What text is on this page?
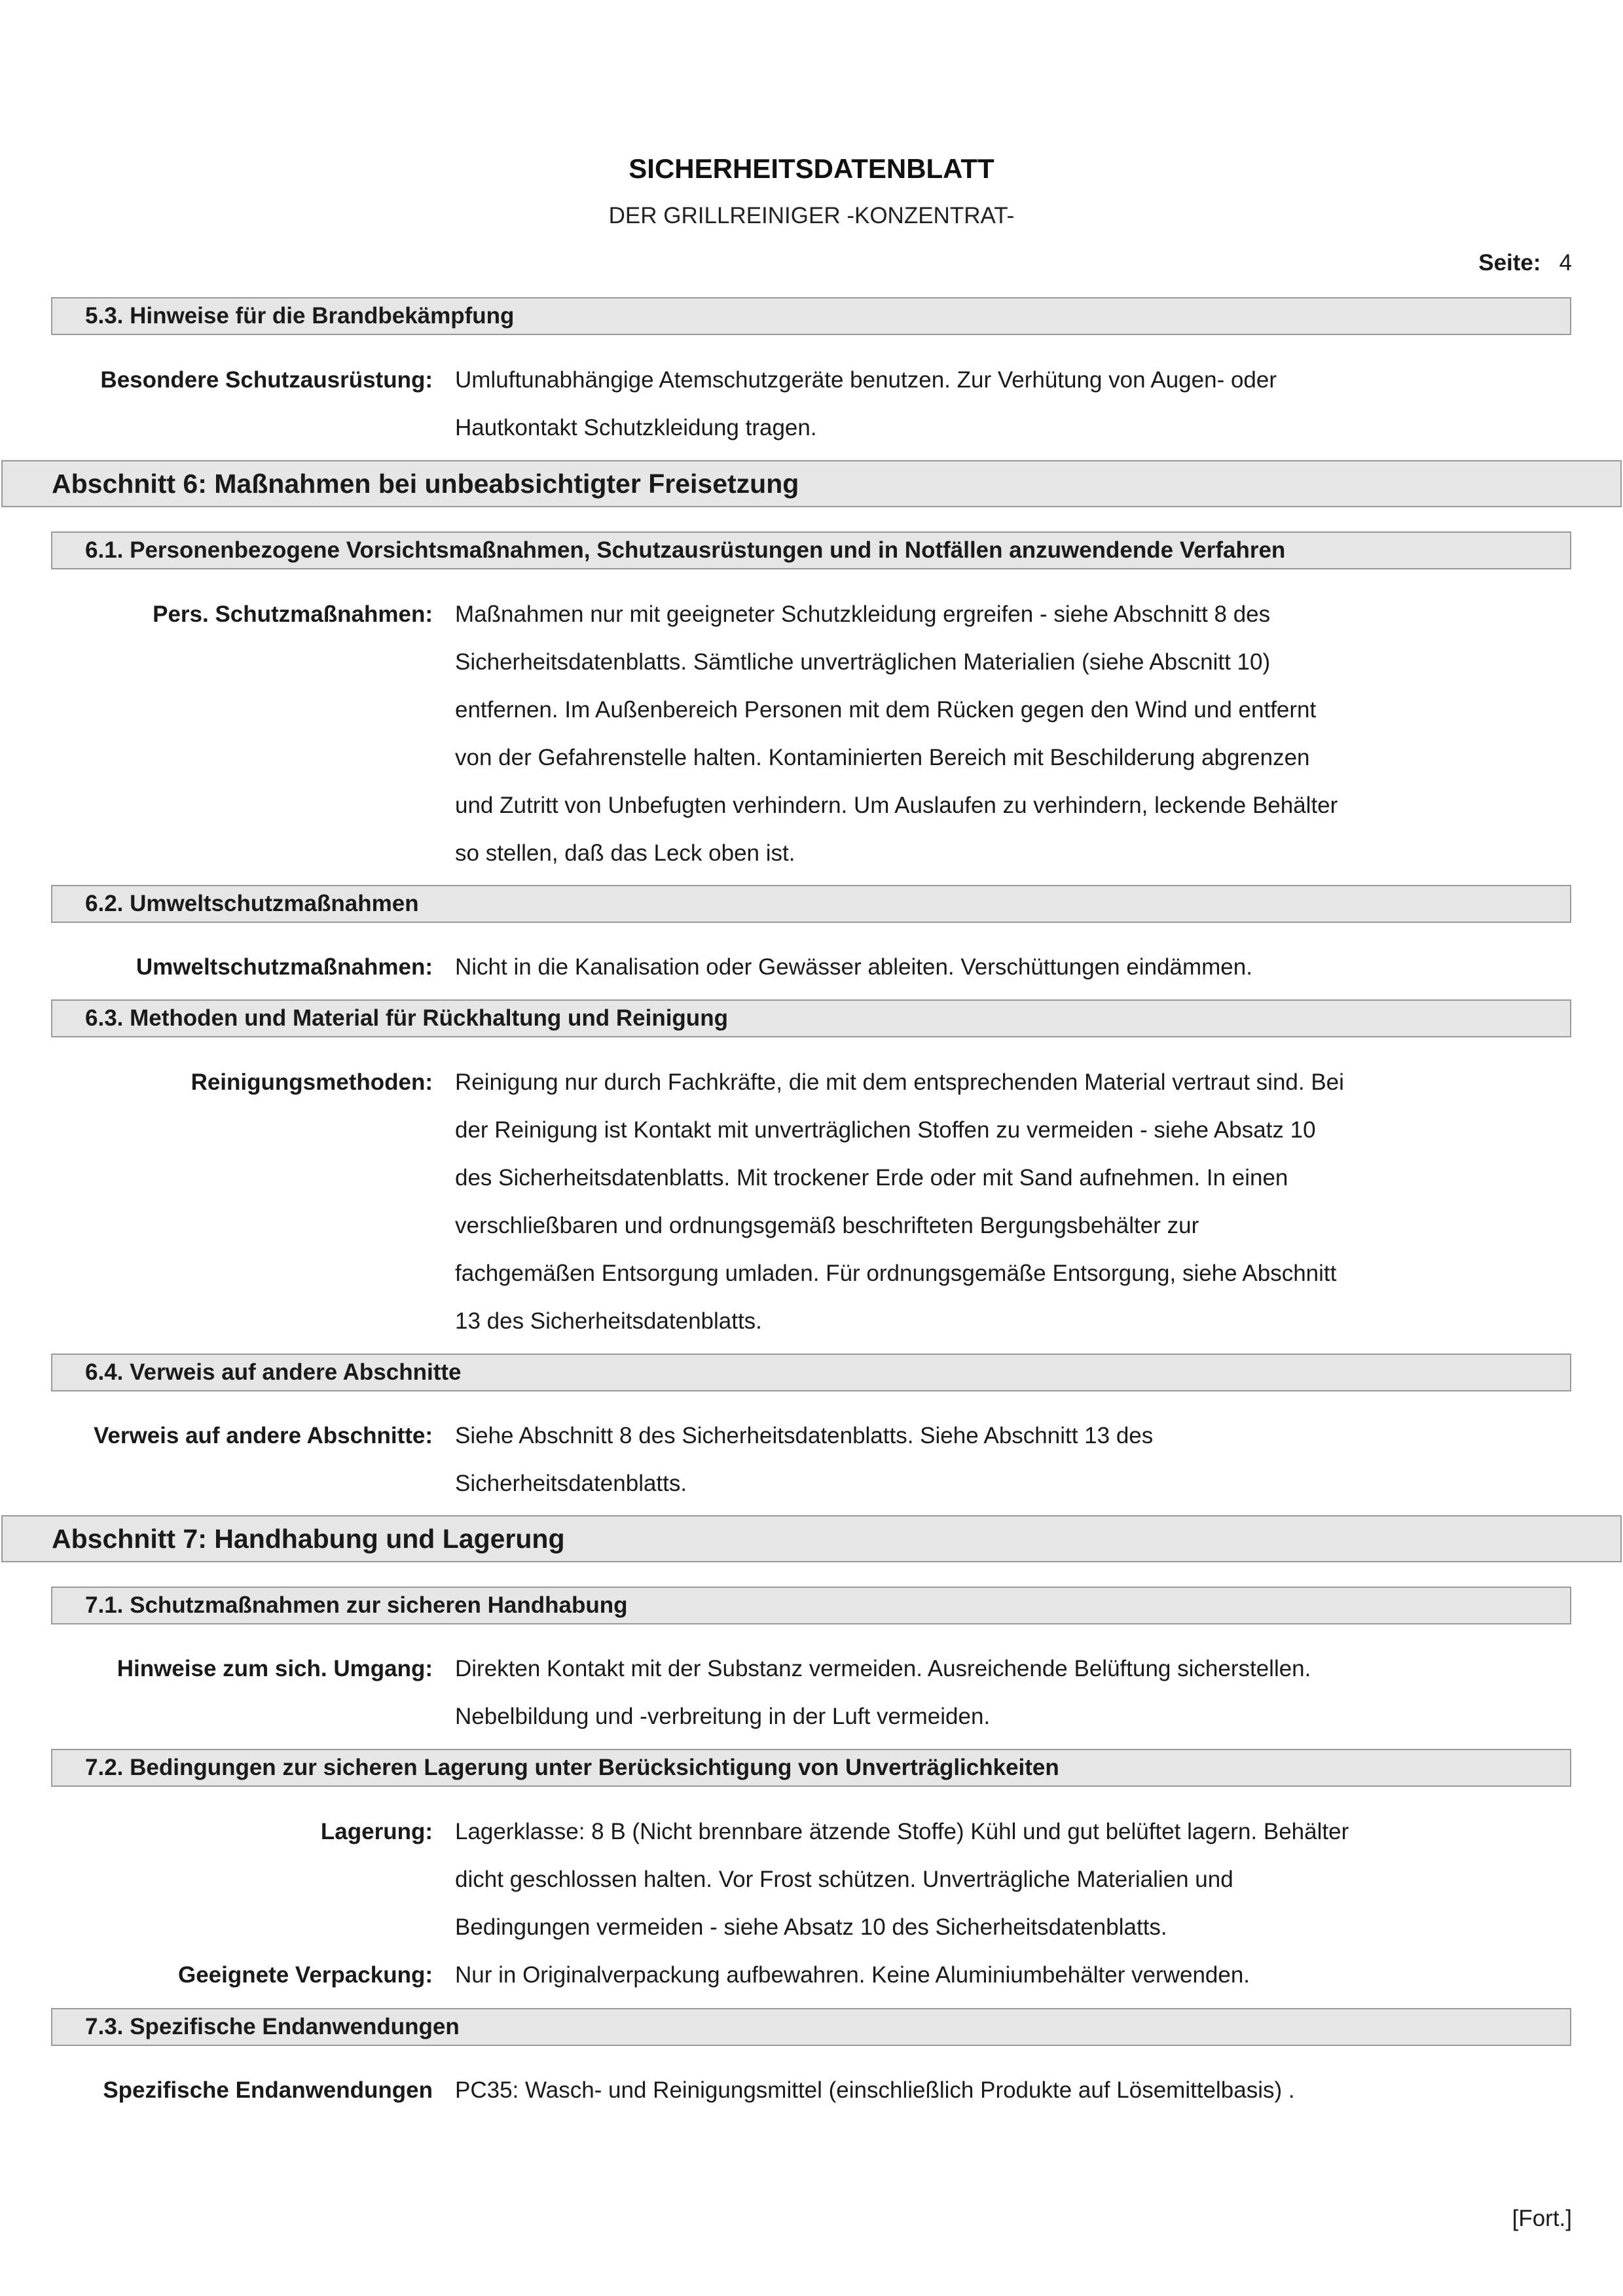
SICHERHEITSDATENBLATT
DER GRILLREINIGER -KONZENTRAT-
Seite: 4
5.3. Hinweise für die Brandbekämpfung
Besondere Schutzausrüstung: Umluftunabhängige Atemschutzgeräte benutzen. Zur Verhütung von Augen- oder
Hautkontakt Schutzkleidung tragen.
Abschnitt 6: Maßnahmen bei unbeabsichtigter Freisetzung
6.1. Personenbezogene Vorsichtsmaßnahmen, Schutzausrüstungen und in Notfällen anzuwendende Verfahren
Pers. Schutzmaßnahmen: Maßnahmen nur mit geeigneter Schutzkleidung ergreifen - siehe Abschnitt 8 des
Sicherheitsdatenblatts. Sämtliche unverträglichen Materialien (siehe Abscnitt 10)
entfernen. Im Außenbereich Personen mit dem Rücken gegen den Wind und entfernt
von der Gefahrenstelle halten. Kontaminierten Bereich mit Beschilderung abgrenzen
und Zutritt von Unbefugten verhindern. Um Auslaufen zu verhindern, leckende Behälter
so stellen, daß das Leck oben ist.
6.2. Umweltschutzmaßnahmen
Umweltschutzmaßnahmen: Nicht in die Kanalisation oder Gewässer ableiten. Verschüttungen eindämmen.
6.3. Methoden und Material für Rückhaltung und Reinigung
Reinigungsmethoden: Reinigung nur durch Fachkräfte, die mit dem entsprechenden Material vertraut sind. Bei
der Reinigung ist Kontakt mit unverträglichen Stoffen zu vermeiden - siehe Absatz 10
des Sicherheitsdatenblatts. Mit trockener Erde oder mit Sand aufnehmen. In einen
verschließbaren und ordnungsgemäß beschrifteten Bergungsbehälter zur
fachgemäßen Entsorgung umladen. Für ordnungsgemäße Entsorgung, siehe Abschnitt
13 des Sicherheitsdatenblatts.
6.4. Verweis auf andere Abschnitte
Verweis auf andere Abschnitte: Siehe Abschnitt 8 des Sicherheitsdatenblatts. Siehe Abschnitt 13 des
Sicherheitsdatenblatts.
Abschnitt 7: Handhabung und Lagerung
7.1. Schutzmaßnahmen zur sicheren Handhabung
Hinweise zum sich. Umgang: Direkten Kontakt mit der Substanz vermeiden. Ausreichende Belüftung sicherstellen.
Nebelbildung und -verbreitung in der Luft vermeiden.
7.2. Bedingungen zur sicheren Lagerung unter Berücksichtigung von Unverträglichkeiten
Lagerung: Lagerklasse: 8 B (Nicht brennbare ätzende Stoffe) Kühl und gut belüftet lagern. Behälter
dicht geschlossen halten. Vor Frost schützen. Unverträgliche Materialien und
Bedingungen vermeiden - siehe Absatz 10 des Sicherheitsdatenblatts.
Geeignete Verpackung: Nur in Originalverpackung aufbewahren. Keine Aluminiumbehälter verwenden.
7.3. Spezifische Endanwendungen
Spezifische Endanwendungen PC35: Wasch- und Reinigungsmittel (einschließlich Produkte auf Lösemittelbasis) .
[Fort.]
